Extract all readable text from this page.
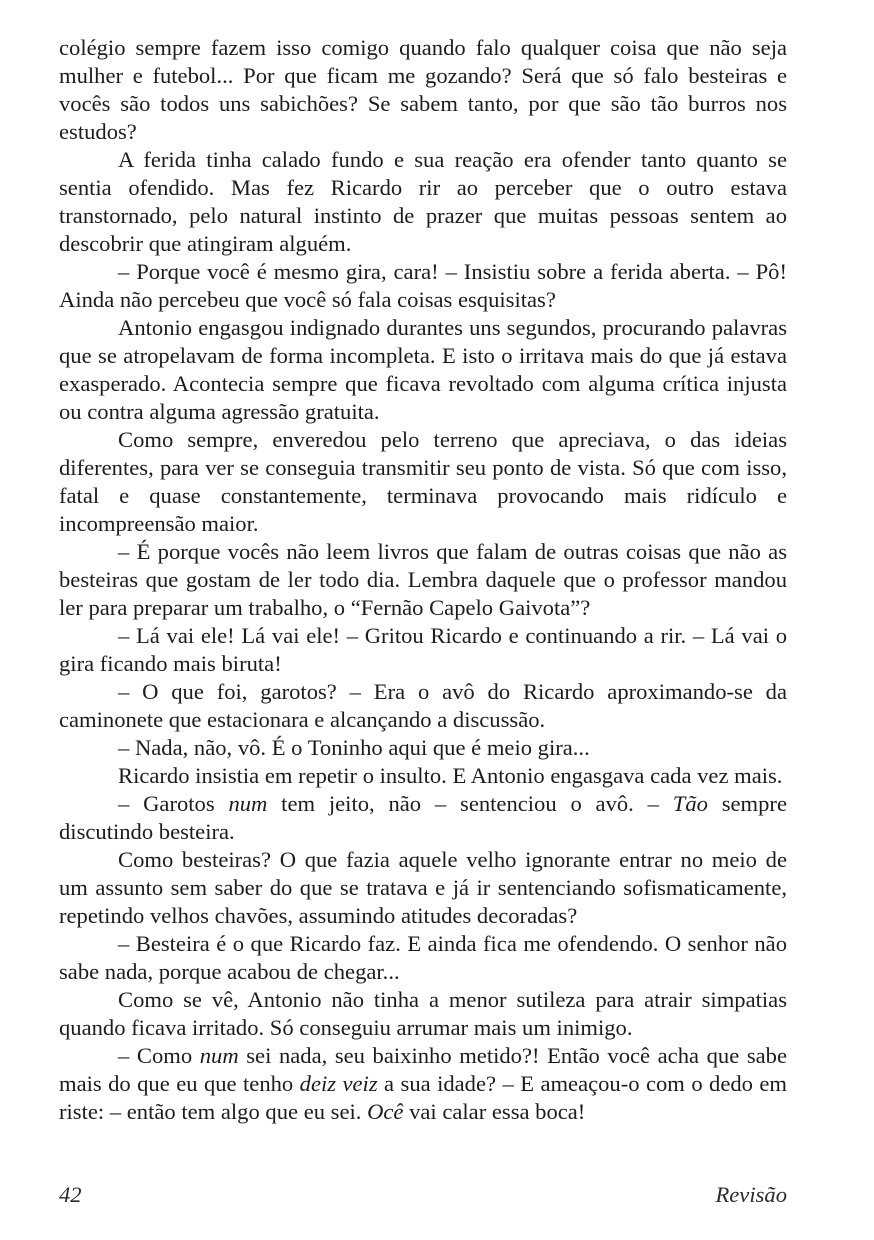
colégio sempre fazem isso comigo quando falo qualquer coisa que não seja mulher e futebol... Por que ficam me gozando? Será que só falo besteiras e vocês são todos uns sabichões? Se sabem tanto, por que são tão burros nos estudos?

A ferida tinha calado fundo e sua reação era ofender tanto quanto se sentia ofendido. Mas fez Ricardo rir ao perceber que o outro estava transtornado, pelo natural instinto de prazer que muitas pessoas sentem ao descobrir que atingiram alguém.

– Porque você é mesmo gira, cara! – Insistiu sobre a ferida aberta. – Pô! Ainda não percebeu que você só fala coisas esquisitas?

Antonio engasgou indignado durantes uns segundos, procurando palavras que se atropelavam de forma incompleta. E isto o irritava mais do que já estava exasperado. Acontecia sempre que ficava revoltado com alguma crítica injusta ou contra alguma agressão gratuita.

Como sempre, enveredou pelo terreno que apreciava, o das ideias diferentes, para ver se conseguia transmitir seu ponto de vista. Só que com isso, fatal e quase constantemente, terminava provocando mais ridículo e incompreensão maior.

– É porque vocês não leem livros que falam de outras coisas que não as besteiras que gostam de ler todo dia. Lembra daquele que o professor mandou ler para preparar um trabalho, o “Fernão Capelo Gaivota”?

– Lá vai ele! Lá vai ele! – Gritou Ricardo e continuando a rir. – Lá vai o gira ficando mais biruta!

– O que foi, garotos? – Era o avô do Ricardo aproximando-se da caminonete que estacionara e alcançando a discussão.

– Nada, não, vô. É o Toninho aqui que é meio gira...

Ricardo insistia em repetir o insulto. E Antonio engasgava cada vez mais.

– Garotos num tem jeito, não – sentenciou o avô. – Tão sempre discutindo besteira.

Como besteiras? O que fazia aquele velho ignorante entrar no meio de um assunto sem saber do que se tratava e já ir sentenciando sofismaticamente, repetindo velhos chavões, assumindo atitudes decoradas?

– Besteira é o que Ricardo faz. E ainda fica me ofendendo. O senhor não sabe nada, porque acabou de chegar...

Como se vê, Antonio não tinha a menor sutileza para atrair simpatias quando ficava irritado. Só conseguiu arrumar mais um inimigo.

– Como num sei nada, seu baixinho metido?! Então você acha que sabe mais do que eu que tenho deiz veiz a sua idade? – E ameaçou-o com o dedo em riste: – então tem algo que eu sei. Ocê vai calar essa boca!

42	Revisão
